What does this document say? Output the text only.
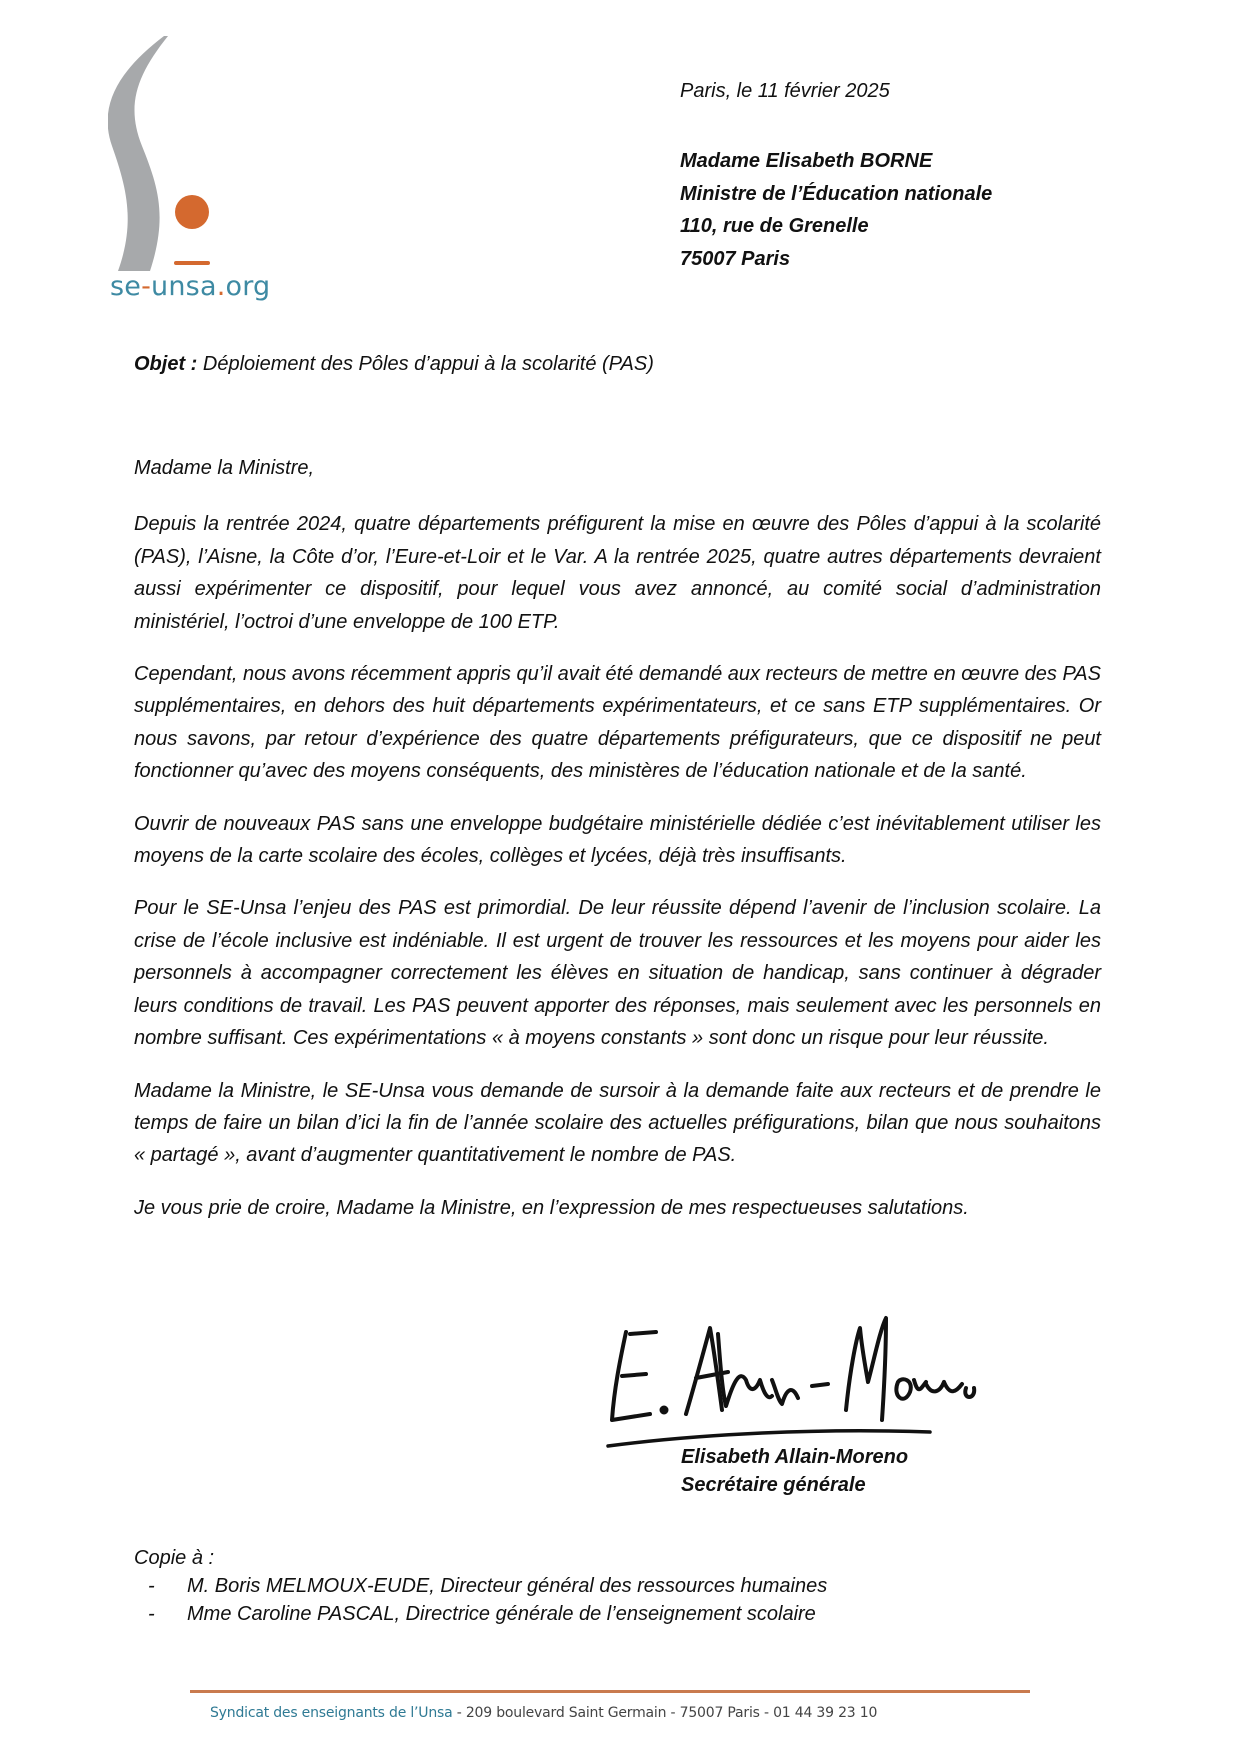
se-unsa.org
Paris, le 11 février 2025
Madame Elisabeth BORNE
Ministre de l’Éducation nationale
110, rue de Grenelle
75007 Paris
Objet : Déploiement des Pôles d’appui à la scolarité (PAS)

Madame la Ministre,

Depuis la rentrée 2024, quatre départements préfigurent la mise en œuvre des Pôles d’appui à la scolarité (PAS), l’Aisne, la Côte d’or, l’Eure-et-Loir et le Var. A la rentrée 2025, quatre autres départements devraient aussi expérimenter ce dispositif, pour lequel vous avez annoncé, au comité social d’administration ministériel, l’octroi d’une enveloppe de 100 ETP.

Cependant, nous avons récemment appris qu’il avait été demandé aux recteurs de mettre en œuvre des PAS supplémentaires, en dehors des huit départements expérimentateurs, et ce sans ETP supplémentaires. Or nous savons, par retour d’expérience des quatre départements préfigurateurs, que ce dispositif ne peut fonctionner qu’avec des moyens conséquents, des ministères de l’éducation nationale et de la santé.

Ouvrir de nouveaux PAS sans une enveloppe budgétaire ministérielle dédiée c’est inévitablement utiliser les moyens de la carte scolaire des écoles, collèges et lycées, déjà très insuffisants.

Pour le SE-Unsa l’enjeu des PAS est primordial. De leur réussite dépend l’avenir de l’inclusion scolaire. La crise de l’école inclusive est indéniable. Il est urgent de trouver les ressources et les moyens pour aider les personnels à accompagner correctement les élèves en situation de handicap, sans continuer à dégrader leurs conditions de travail. Les PAS peuvent apporter des réponses, mais seulement avec les personnels en nombre suffisant. Ces expérimentations « à moyens constants » sont donc un risque pour leur réussite.

Madame la Ministre, le SE-Unsa vous demande de sursoir à la demande faite aux recteurs et de prendre le temps de faire un bilan d’ici la fin de l’année scolaire des actuelles préfigurations, bilan que nous souhaitons « partagé », avant d’augmenter quantitativement le nombre de PAS.

Je vous prie de croire, Madame la Ministre, en l’expression de mes respectueuses salutations.

Elisabeth Allain-Moreno
Secrétaire générale
Copie à :
- M. Boris MELMOUX-EUDE, Directeur général des ressources humaines
- Mme Caroline PASCAL, Directrice générale de l’enseignement scolaire
Syndicat des enseignants de l’Unsa - 209 boulevard Saint Germain - 75007 Paris - 01 44 39 23 10
